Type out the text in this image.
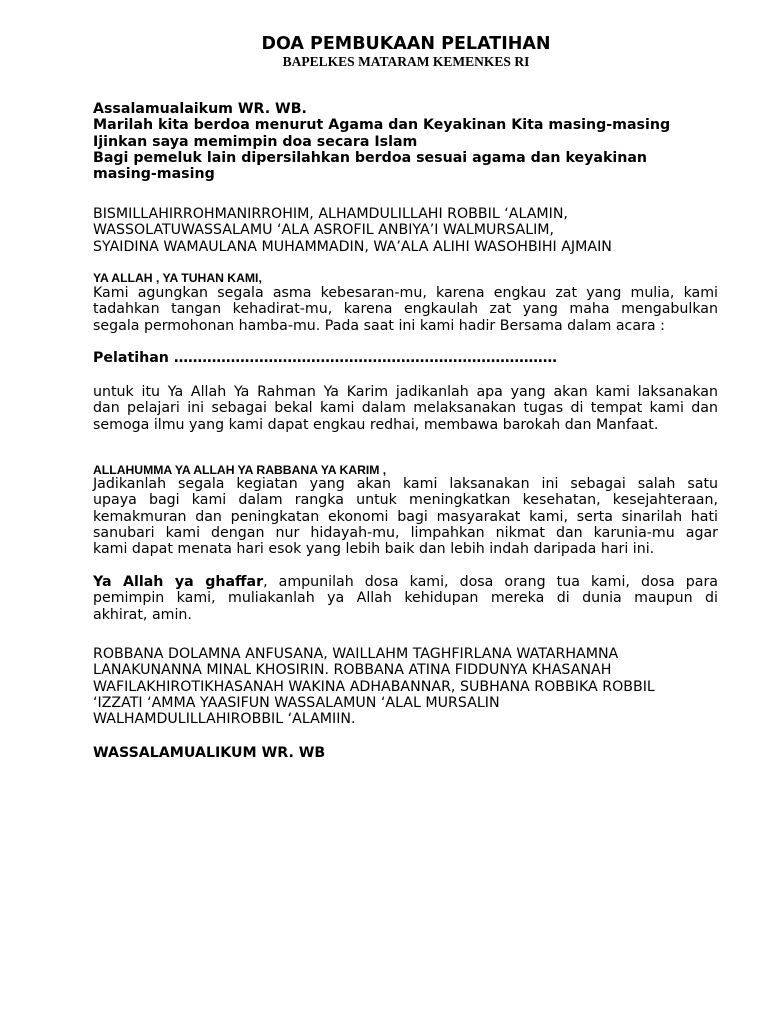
DOA PEMBUKAAN PELATIHAN
BAPELKES MATARAM KEMENKES RI
Assalamualaikum WR. WB.
Marilah kita berdoa menurut Agama dan Keyakinan Kita masing-masing
Ijinkan saya memimpin doa secara Islam
Bagi pemeluk lain dipersilahkan berdoa sesuai agama dan keyakinan
masing-masing
BISMILLAHIRROHMANIRROHIM, ALHAMDULILLAHI ROBBIL ‘ALAMIN,
WASSOLATUWASSALAMU ‘ALA ASROFIL ANBIYA’I WALMURSALIM,
SYAIDINA WAMAULANA MUHAMMADIN, WA’ALA ALIHI WASOHBIHI AJMAIN
YA ALLAH , YA TUHAN KAMI,
Kami agungkan segala asma kebesaran-mu, karena engkau zat yang mulia, kami
tadahkan tangan kehadirat-mu, karena engkaulah zat yang maha mengabulkan
segala permohonan hamba-mu. Pada saat ini kami hadir Bersama dalam acara :
Pelatihan ………………………………………………………………………
untuk itu Ya Allah Ya Rahman Ya Karim jadikanlah apa yang akan kami laksanakan
dan pelajari ini sebagai bekal kami dalam melaksanakan tugas di tempat kami dan
semoga ilmu yang kami dapat engkau redhai, membawa barokah dan Manfaat.
ALLAHUMMA YA ALLAH YA RABBANA YA KARIM ,
Jadikanlah segala kegiatan yang akan kami laksanakan ini sebagai salah satu
upaya bagi kami dalam rangka untuk meningkatkan kesehatan, kesejahteraan,
kemakmuran dan peningkatan ekonomi bagi masyarakat kami, serta sinarilah hati
sanubari kami dengan nur hidayah-mu, limpahkan nikmat dan karunia-mu agar
kami dapat menata hari esok yang lebih baik dan lebih indah daripada hari ini.
Ya Allah ya ghaffar, ampunilah dosa kami, dosa orang tua kami, dosa para
pemimpin kami, muliakanlah ya Allah kehidupan mereka di dunia maupun di
akhirat, amin.
ROBBANA DOLAMNA ANFUSANA, WAILLAHM TAGHFIRLANA WATARHAMNA
LANAKUNANNA MINAL KHOSIRIN. ROBBANA ATINA FIDDUNYA KHASANAH
WAFILAKHIROTIKHASANAH WAKINA ADHABANNAR, SUBHANA ROBBIKA ROBBIL
‘IZZATI ‘AMMA YAASIFUN WASSALAMUN ‘ALAL MURSALIN
WALHAMDULILLAHIROBBIL ‘ALAMIIN.
WASSALAMUALIKUM WR. WB
